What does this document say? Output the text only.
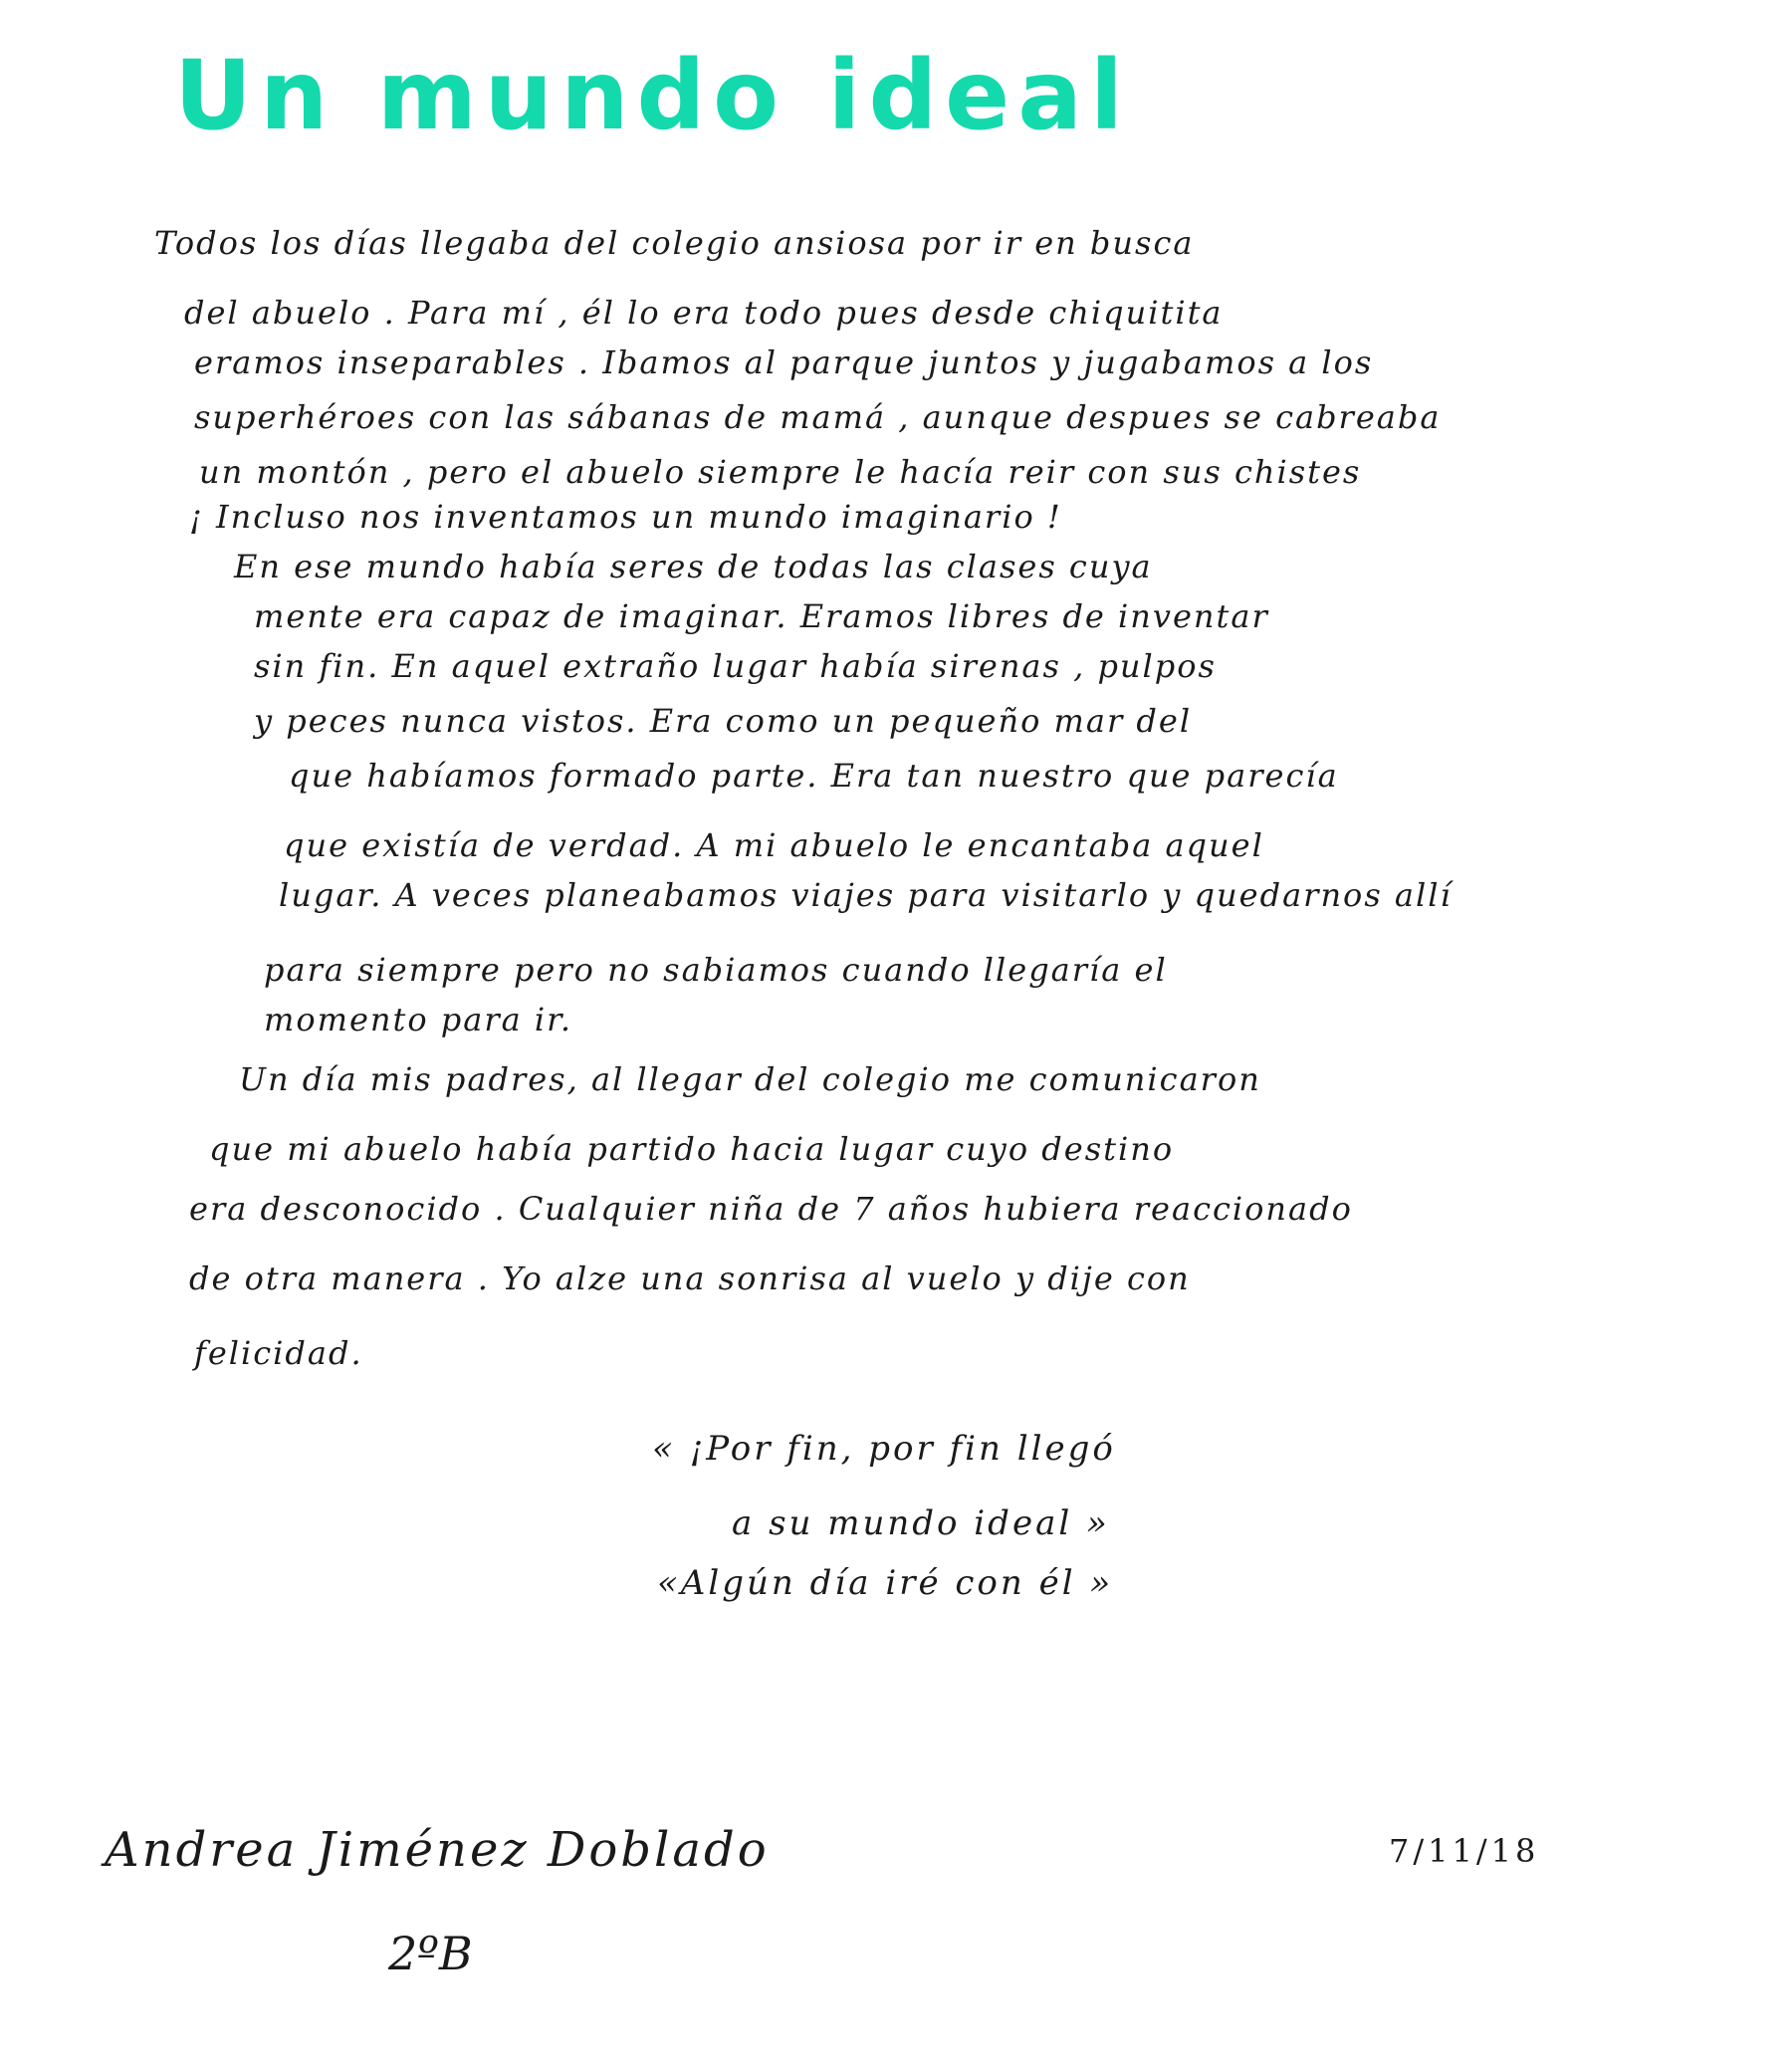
Un mundo ideal

Todos los días llegaba del colegio ansiosa por ir en busca

del abuelo . Para mí , él lo era todo pues desde chiquitita

eramos inseparables . Ibamos al parque juntos y jugabamos a los

superhéroes con las sábanas de mamá , aunque despues se cabreaba

un montón , pero el abuelo siempre le hacía reir con sus chistes

¡ Incluso nos inventamos un mundo imaginario !

En ese mundo había seres de todas las clases cuya

mente era capaz de imaginar. Eramos libres de inventar

sin fin. En aquel extraño lugar había sirenas , pulpos

y peces nunca vistos. Era como un pequeño mar del

que habíamos formado parte. Era tan nuestro que parecía

que existía de verdad. A mi abuelo le encantaba aquel

lugar. A veces planeabamos viajes para visitarlo y quedarnos allí

para siempre pero no sabiamos cuando llegaría el

momento para ir.

Un día mis padres, al llegar del colegio me comunicaron

que mi abuelo había partido hacia lugar cuyo destino

era desconocido . Cualquier niña de 7 años hubiera reaccionado

de otra manera . Yo alze una sonrisa al vuelo y dije con

felicidad.

« ¡Por fin, por fin llegó

a su mundo ideal »

«Algún día iré con él »

Andrea Jiménez Doblado

2ºB

7/11/18
